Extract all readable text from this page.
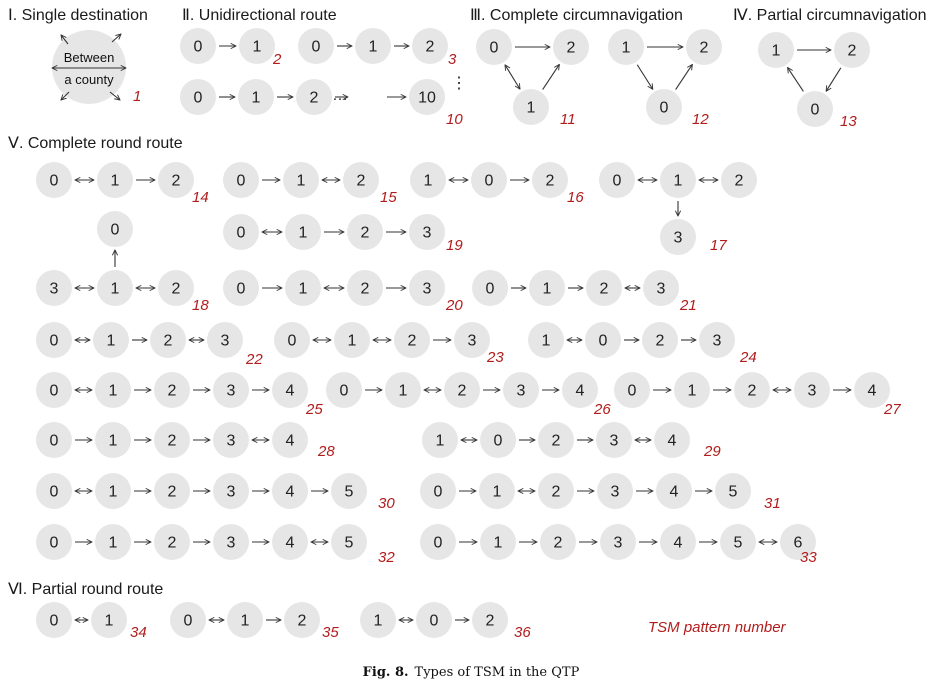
Ⅰ. Single destination Ⅱ. Unidirectional route	Ⅲ. Complete circumnavigation	Ⅳ. Partial circumnavigation
Ⅴ. Complete round route
Ⅵ. Partial round route
Between
a county
1
0	1
2
0	1	2
3
0	1	2	10
10
0	1	2
14
0	1	2
15
1	0	2
16
0	1	2	3
19
0	1	2	3
20
0	1	2	3
21
0	1	2	3
22
0	1	2	3
23
1	0	2	3
24
0	1	2	3	4
25
0	1	2	3	4
26
0	1	2	3	4
27
0	1	2	3	4
28
1	0	2	3	4
29
0	1	2	3	4	5
30
0	1	2	3	4	5
31
0	1	2	3	4	5
32
0	1	2	3	4	5	6
33
0	1
34
0	1	2
35
1	0	2
36
0	1	2
3 17
3	1	2
0
18
…
⋮
0	2
1
11
1	2
0
12
1	2
0
13
TSM pattern number
Fig. 8. Types of TSM in the QTP
